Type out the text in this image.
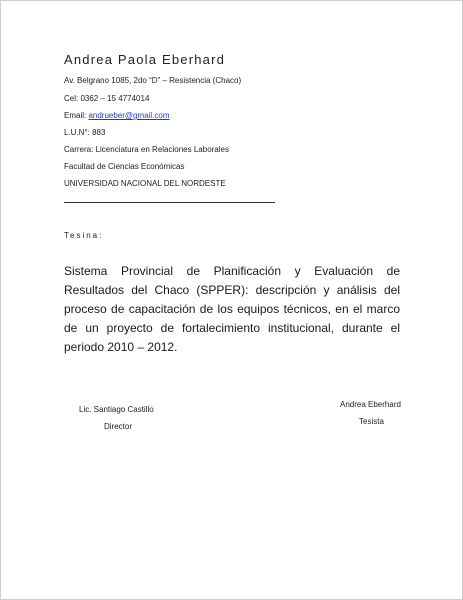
Andrea Paola Eberhard
Av. Belgrano 1085, 2do “D” – Resistencia (Chaco)
Cel: 0362 – 15 4774014
Email: andrueber@gmail.com
L.U.N°: 883
Carrera: Licenciatura en Relaciones Laborales
Facultad de Ciencias Económicas
UNIVERSIDAD NACIONAL DEL NORDESTE
Tesina:
Sistema Provincial de Planificación y Evaluación de Resultados del Chaco (SPPER): descripción y análisis del proceso de capacitación de los equipos técnicos, en el marco de un proyecto de fortalecimiento institucional, durante el periodo 2010 – 2012.
Lic. Santiago Castillo
Director
Andrea Eberhard
Tesista
